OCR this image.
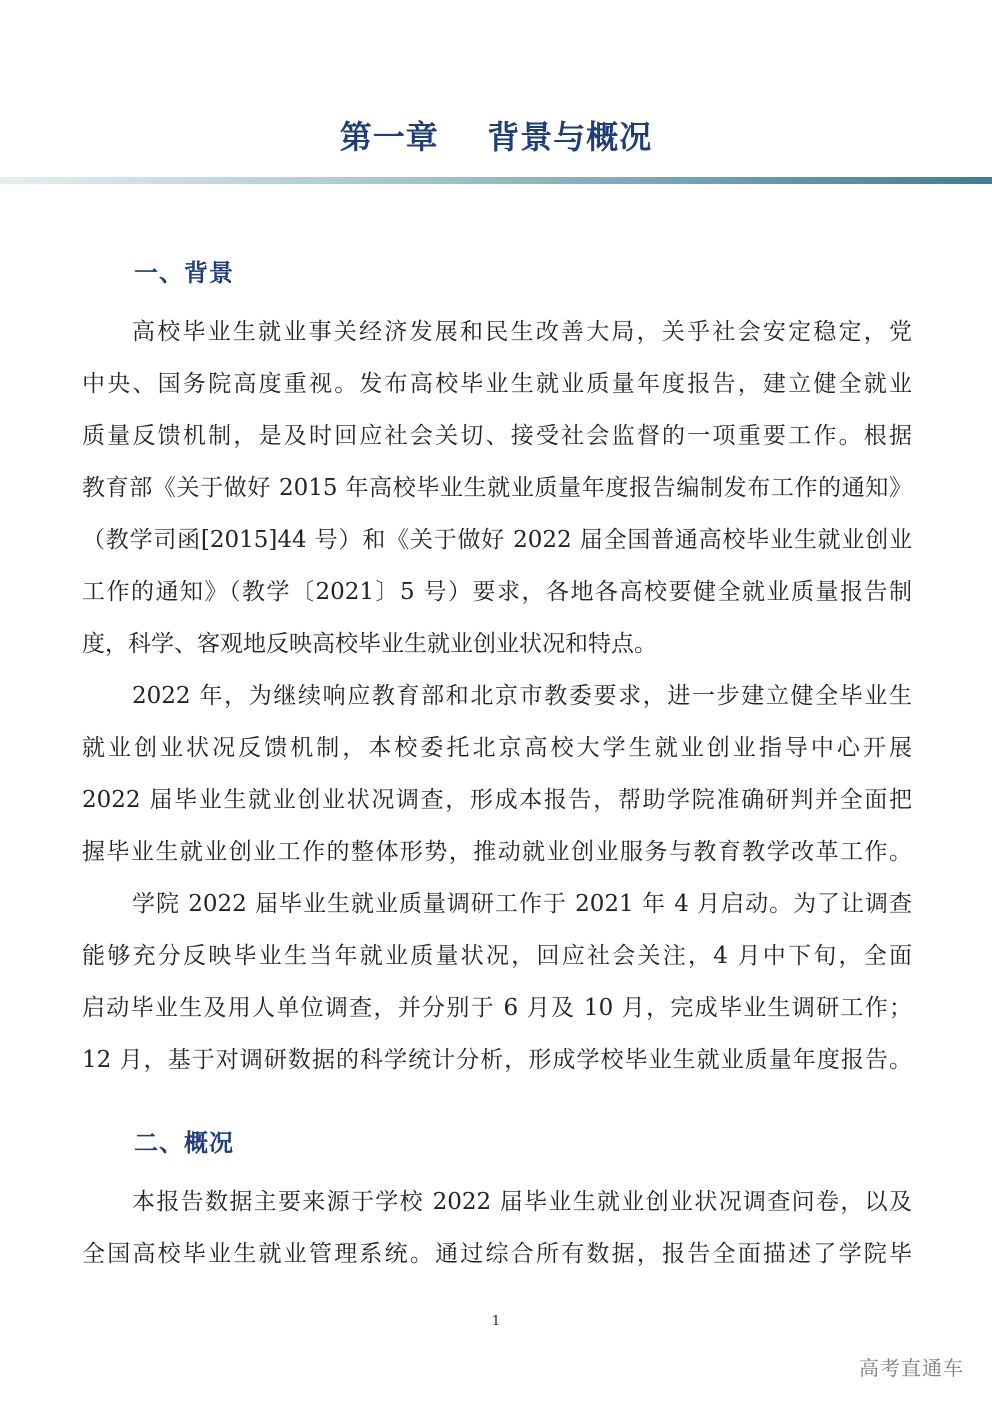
第一章    背景与概况
一、背景
高校毕业生就业事关经济发展和民生改善大局，关乎社会安定稳定，党
中央、国务院高度重视。发布高校毕业生就业质量年度报告，建立健全就业
质量反馈机制，是及时回应社会关切、接受社会监督的一项重要工作。根据
教育部《关于做好 2015 年高校毕业生就业质量年度报告编制发布工作的通知》
（教学司函[2015]44 号）和《关于做好 2022 届全国普通高校毕业生就业创业
工作的通知》（教学〔2021〕5 号）要求，各地各高校要健全就业质量报告制
度，科学、客观地反映高校毕业生就业创业状况和特点。
2022 年，为继续响应教育部和北京市教委要求，进一步建立健全毕业生
就业创业状况反馈机制，本校委托北京高校大学生就业创业指导中心开展
2022 届毕业生就业创业状况调查，形成本报告，帮助学院准确研判并全面把
握毕业生就业创业工作的整体形势，推动就业创业服务与教育教学改革工作。
学院 2022 届毕业生就业质量调研工作于 2021 年 4 月启动。为了让调查
能够充分反映毕业生当年就业质量状况，回应社会关注，4 月中下旬，全面
启动毕业生及用人单位调查，并分别于 6 月及 10 月，完成毕业生调研工作；
12 月，基于对调研数据的科学统计分析，形成学校毕业生就业质量年度报告。
二、概况
本报告数据主要来源于学校 2022 届毕业生就业创业状况调查问卷，以及
全国高校毕业生就业管理系统。通过综合所有数据，报告全面描述了学院毕
1
高考直通车
